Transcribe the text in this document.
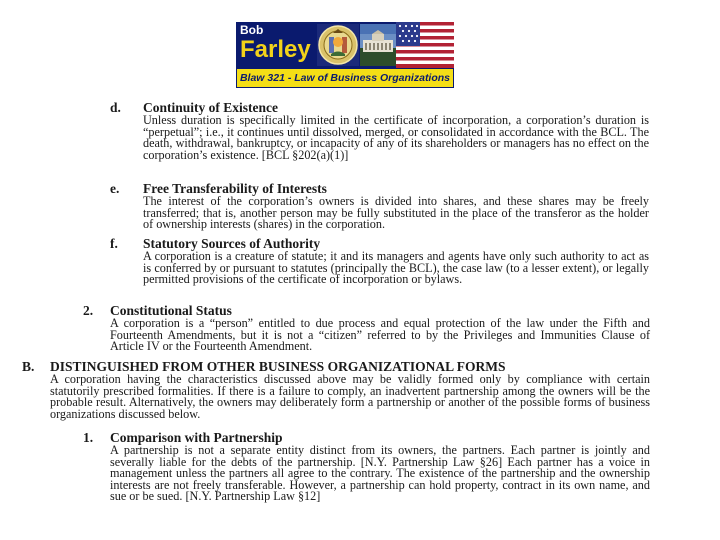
Bob
Farley
Blaw 321 - Law of Business Organizations
d. Continuity of Existence
Unless duration is specifically limited in the certificate of incorporation, a corporation’s duration is “perpetual”; i.e., it continues until dissolved, merged, or consolidated in accordance with the BCL. The death, withdrawal, bankruptcy, or incapacity of any of its shareholders or managers has no effect on the corporation’s existence. [BCL §202(a)(1)]
e. Free Transferability of Interests
The interest of the corporation’s owners is divided into shares, and these shares may be freely transferred; that is, another person may be fully substituted in the place of the transferor as the holder of ownership interests (shares) in the corporation.
f. Statutory Sources of Authority
A corporation is a creature of statute; it and its managers and agents have only such authority to act as is conferred by or pursuant to statutes (principally the BCL), the case law (to a lesser extent), or legally permitted provisions of the certificate of incorporation or bylaws.
2. Constitutional Status
A corporation is a “person” entitled to due process and equal protection of the law under the Fifth and Fourteenth Amendments, but it is not a “citizen” referred to by the Privileges and Immunities Clause of Article IV or the Fourteenth Amendment.
B. DISTINGUISHED FROM OTHER BUSINESS ORGANIZATIONAL FORMS
A corporation having the characteristics discussed above may be validly formed only by compliance with certain statutorily prescribed formalities. If there is a failure to comply, an inadvertent partnership among the owners will be the probable result. Alternatively, the owners may deliberately form a partnership or another of the possible forms of business organizations discussed below.
1. Comparison with Partnership
A partnership is not a separate entity distinct from its owners, the partners. Each partner is jointly and severally liable for the debts of the partnership. [N.Y. Partnership Law §26] Each partner has a voice in management unless the partners all agree to the contrary. The existence of the partnership and the ownership interests are not freely transferable. However, a partnership can hold property, contract in its own name, and sue or be sued. [N.Y. Partnership Law §12]
